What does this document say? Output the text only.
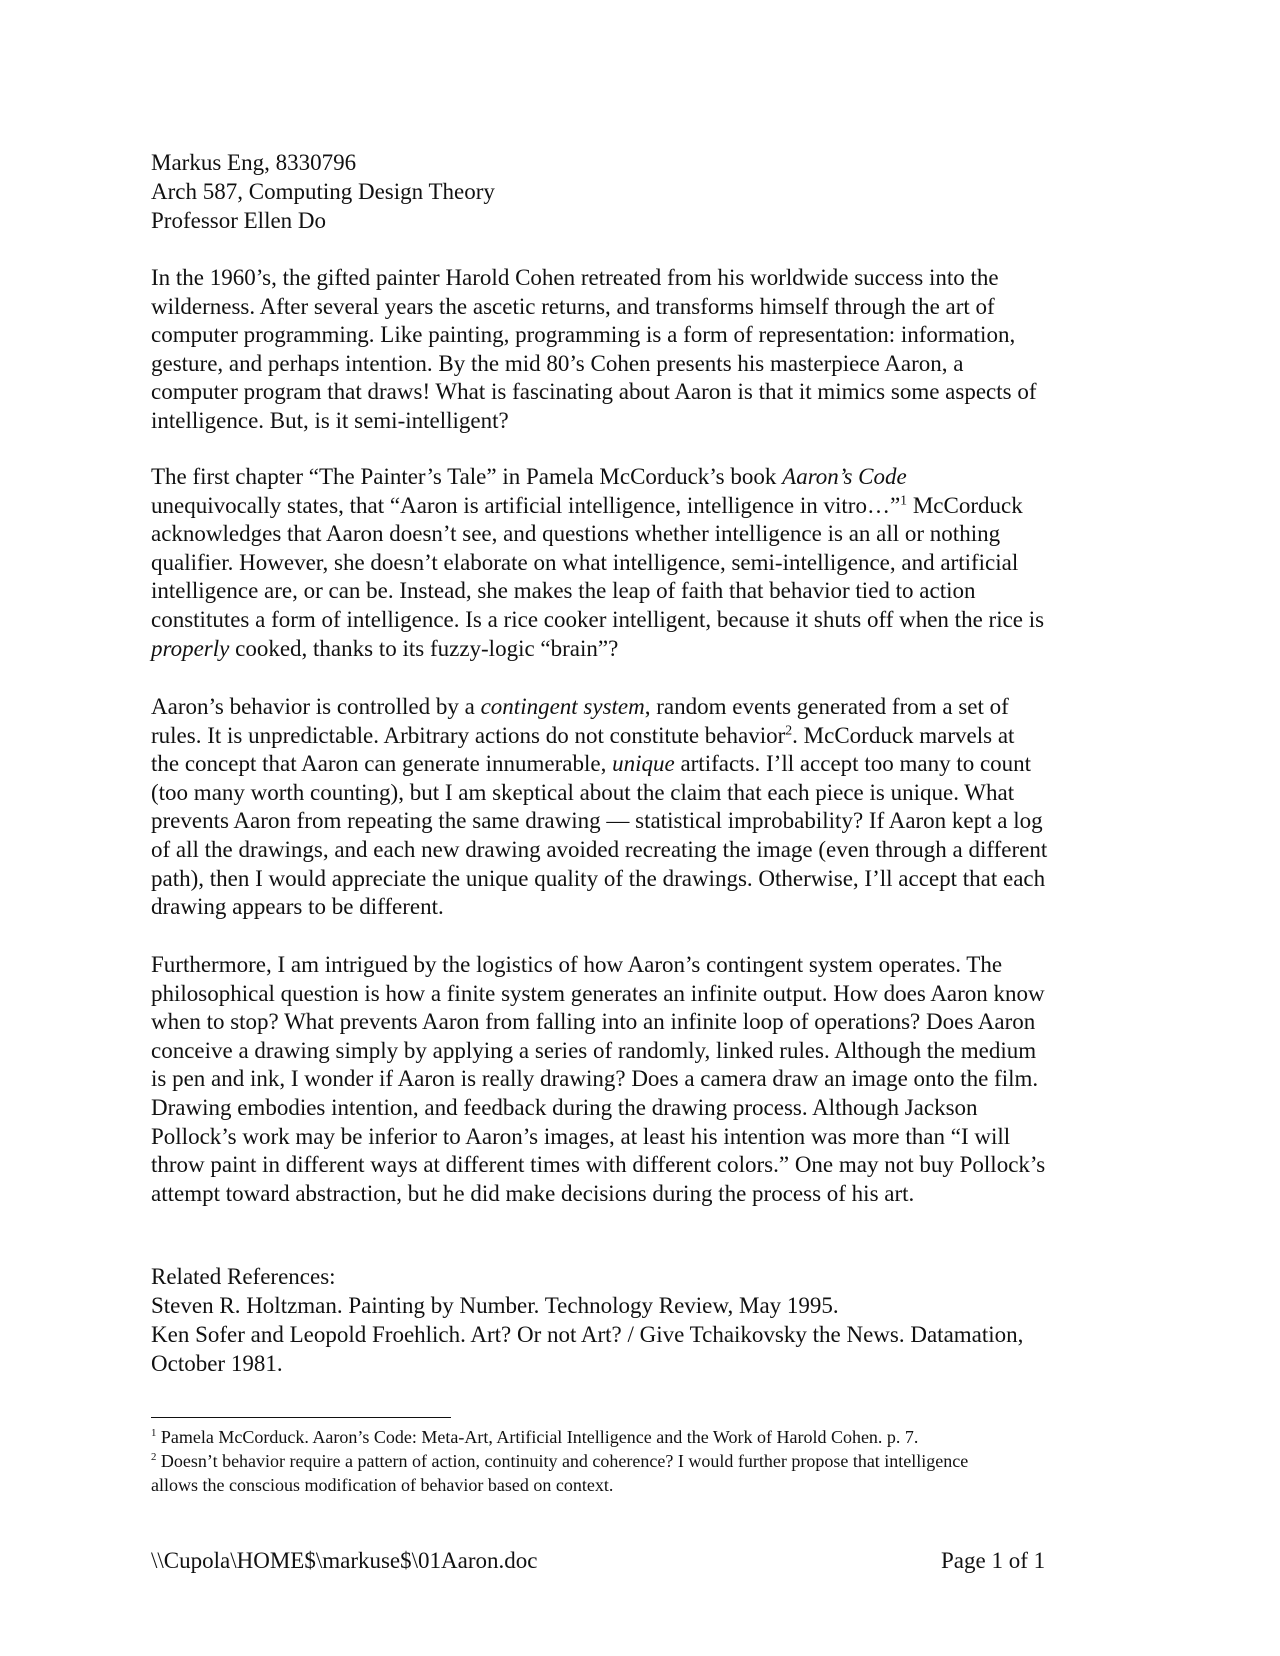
Markus Eng, 8330796
Arch 587, Computing Design Theory
Professor Ellen Do
In the 1960’s, the gifted painter Harold Cohen retreated from his worldwide success into the
wilderness. After several years the ascetic returns, and transforms himself through the art of
computer programming. Like painting, programming is a form of representation: information,
gesture, and perhaps intention. By the mid 80’s Cohen presents his masterpiece Aaron, a
computer program that draws! What is fascinating about Aaron is that it mimics some aspects of
intelligence. But, is it semi-intelligent?
The first chapter “The Painter’s Tale” in Pamela McCorduck’s book Aaron’s Code
unequivocally states, that “Aaron is artificial intelligence, intelligence in vitro…”$^1$ McCorduck
acknowledges that Aaron doesn’t see, and questions whether intelligence is an all or nothing
qualifier. However, she doesn’t elaborate on what intelligence, semi-intelligence, and artificial
intelligence are, or can be. Instead, she makes the leap of faith that behavior tied to action
constitutes a form of intelligence. Is a rice cooker intelligent, because it shuts off when the rice is
properly cooked, thanks to its fuzzy-logic “brain”?
Aaron’s behavior is controlled by a contingent system, random events generated from a set of
rules. It is unpredictable. Arbitrary actions do not constitute behavior$^2$. McCorduck marvels at
the concept that Aaron can generate innumerable, unique artifacts. I’ll accept too many to count
(too many worth counting), but I am skeptical about the claim that each piece is unique. What
prevents Aaron from repeating the same drawing — statistical improbability? If Aaron kept a log
of all the drawings, and each new drawing avoided recreating the image (even through a different
path), then I would appreciate the unique quality of the drawings. Otherwise, I’ll accept that each
drawing appears to be different.
Furthermore, I am intrigued by the logistics of how Aaron’s contingent system operates. The
philosophical question is how a finite system generates an infinite output. How does Aaron know
when to stop? What prevents Aaron from falling into an infinite loop of operations? Does Aaron
conceive a drawing simply by applying a series of randomly, linked rules. Although the medium
is pen and ink, I wonder if Aaron is really drawing? Does a camera draw an image onto the film.
Drawing embodies intention, and feedback during the drawing process. Although Jackson
Pollock’s work may be inferior to Aaron’s images, at least his intention was more than “I will
throw paint in different ways at different times with different colors.” One may not buy Pollock’s
attempt toward abstraction, but he did make decisions during the process of his art.
Related References:
Steven R. Holtzman. Painting by Number. Technology Review, May 1995.
Ken Sofer and Leopold Froehlich. Art? Or not Art? / Give Tchaikovsky the News. Datamation,
October 1981.
$^1$ Pamela McCorduck. Aaron’s Code: Meta-Art, Artificial Intelligence and the Work of Harold Cohen. p. 7.
$^2$ Doesn’t behavior require a pattern of action, continuity and coherence? I would further propose that intelligence
allows the conscious modification of behavior based on context.
\\Cupola\HOME$\markuse$\01Aaron.doc	Page 1 of 1
